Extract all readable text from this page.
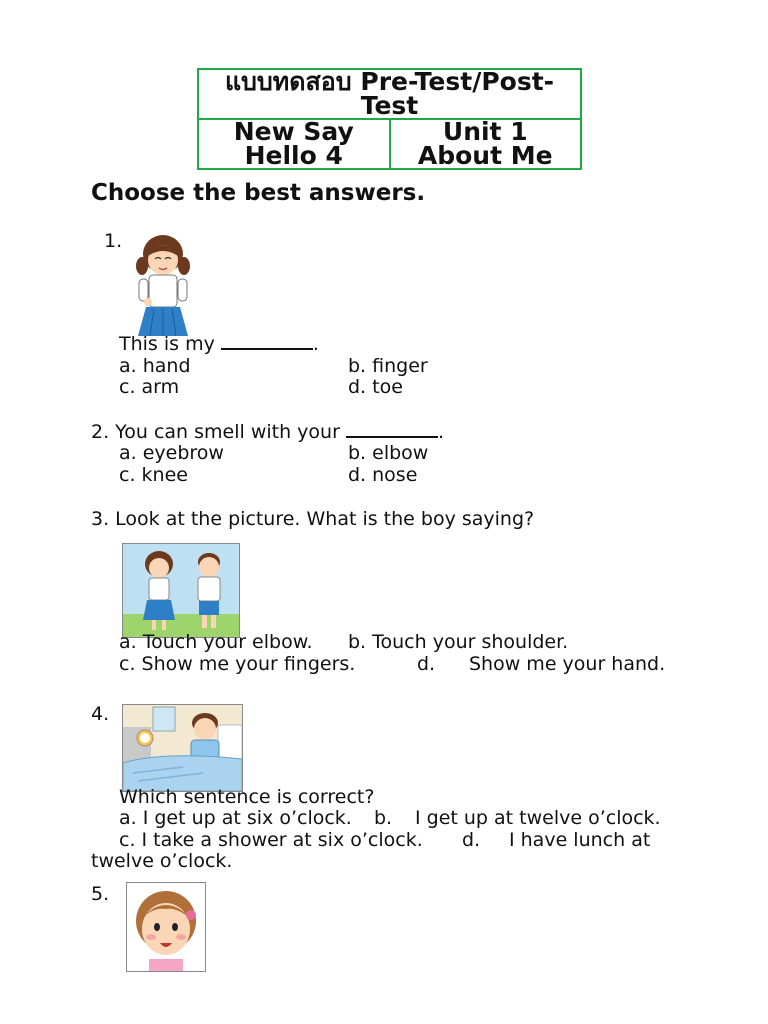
แบบทดสอบ Pre-Test/Post-Test

New Say
Hello 4

Unit 1
About Me
Choose the best answers.
1.
This is my	.
a. hand	b. finger
c. arm	d. toe
2. You can smell with your	.
a. eyebrow	b. elbow
c. knee	d. nose
3. Look at the picture. What is the boy saying?
a. Touch your elbow. b. Touch your shoulder.
c. Show me your fingers.	d. Show me your hand.
4.
Which sentence is correct?
a. I get up at six o’clock. b. I get up at twelve o’clock.
c. I take a shower at six o’clock. d. I have lunch at
twelve o’clock.
5.
